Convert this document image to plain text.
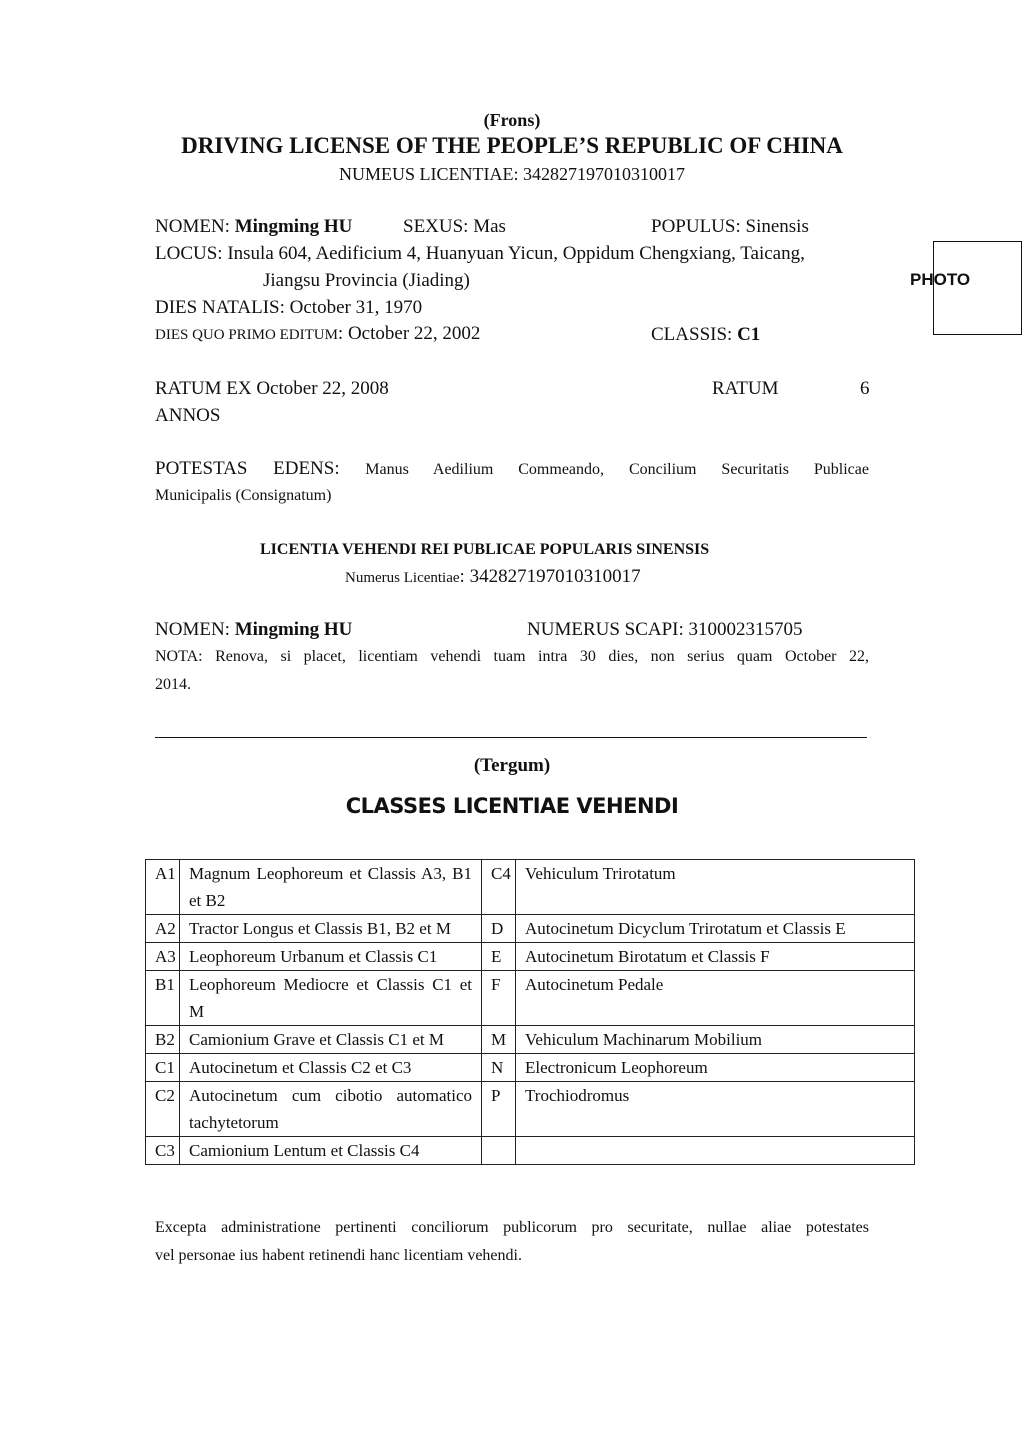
(Frons)
DRIVING LICENSE OF THE PEOPLE’S REPUBLIC OF CHINA
NUMEUS LICENTIAE: 342827197010310017
NOMEN: Mingming HU	SEXUS: Mas	POPULUS: Sinensis
LOCUS: Insula 604, Aedificium 4, Huanyuan Yicun, Oppidum Chengxiang, Taicang,
Jiangsu Provincia (Jiading)
DIES NATALIS: October 31, 1970
DIES QUO PRIMO EDITUM: October 22, 2002	CLASSIS: C1
PHOTO
RATUM EX October 22, 2008	RATUM	6
ANNOS
POTESTAS EDENS: Manus Aedilium Commeando, Concilium Securitatis Publicae
Municipalis (Consignatum)
LICENTIA VEHENDI REI PUBLICAE POPULARIS SINENSIS
Numerus Licentiae: 342827197010310017
NOMEN: Mingming HU	NUMERUS SCAPI: 310002315705
NOTA: Renova, si placet, licentiam vehendi tuam intra 30 dies, non serius quam October 22,
2014.
(Tergum)
CLASSES LICENTIAE VEHENDI
A1	Magnum Leophoreum et Classis A3, B1 et B2	C4	Vehiculum Trirotatum
A2	Tractor Longus et Classis B1, B2 et M	D	Autocinetum Dicyclum Trirotatum et Classis E
A3	Leophoreum Urbanum et Classis C1	E	Autocinetum Birotatum et Classis F
B1	Leophoreum Mediocre et Classis C1 et M	F	Autocinetum Pedale
B2	Camionium Grave et Classis C1 et M	M	Vehiculum Machinarum Mobilium
C1	Autocinetum et Classis C2 et C3	N	Electronicum Leophoreum
C2	Autocinetum cum cibotio automatico tachytetorum	P	Trochiodromus
C3	Camionium Lentum et Classis C4		
Excepta administratione pertinenti conciliorum publicorum pro securitate, nullae aliae potestates
vel personae ius habent retinendi hanc licentiam vehendi.
